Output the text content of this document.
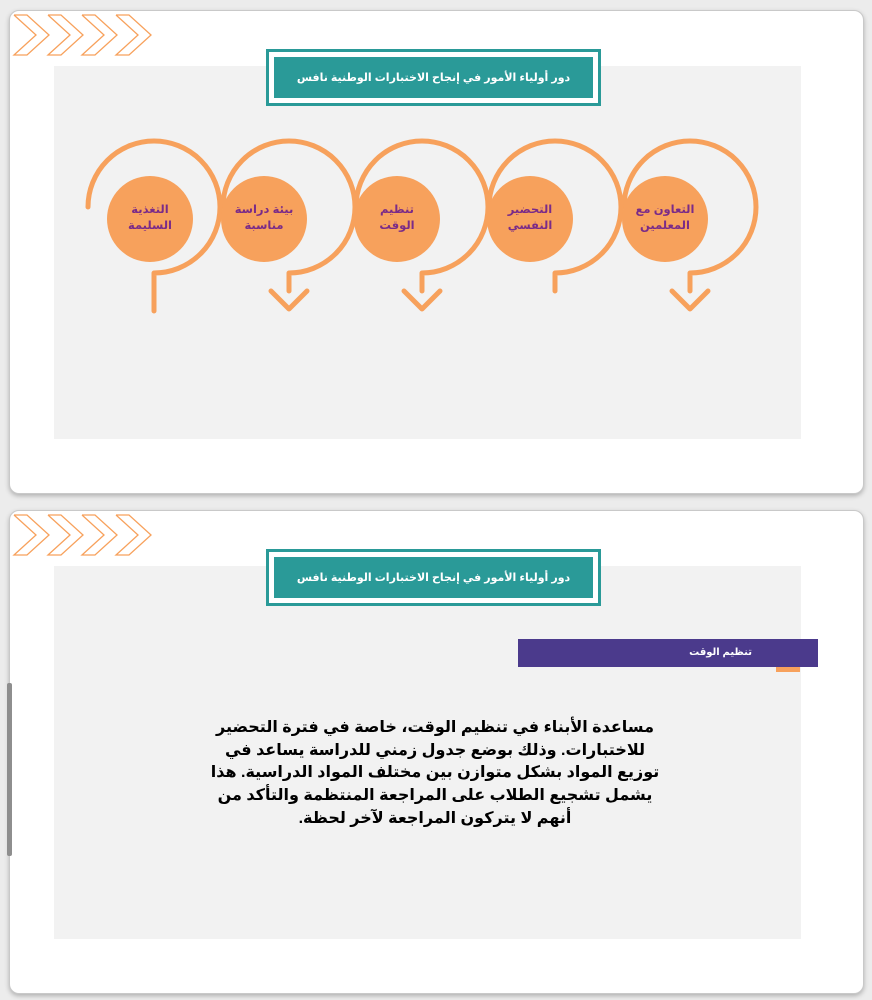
دور أولياء الأمور في إنجاح الاختبارات الوطنية نافس
التعاون مع المعلمين
التحضير النفسي
تنظيم الوقت
بيئة دراسة مناسبة
التغذية السليمة
دور أولياء الأمور في إنجاح الاختبارات الوطنية نافس
تنظيم الوقت
مساعدة الأبناء في تنظيم الوقت، خاصة في فترة التحضير للاختبارات. وذلك بوضع جدول زمني للدراسة يساعد في توزيع المواد بشكل متوازن بين مختلف المواد الدراسية. هذا يشمل تشجيع الطلاب على المراجعة المنتظمة والتأكد من أنهم لا يتركون المراجعة لآخر لحظة.
